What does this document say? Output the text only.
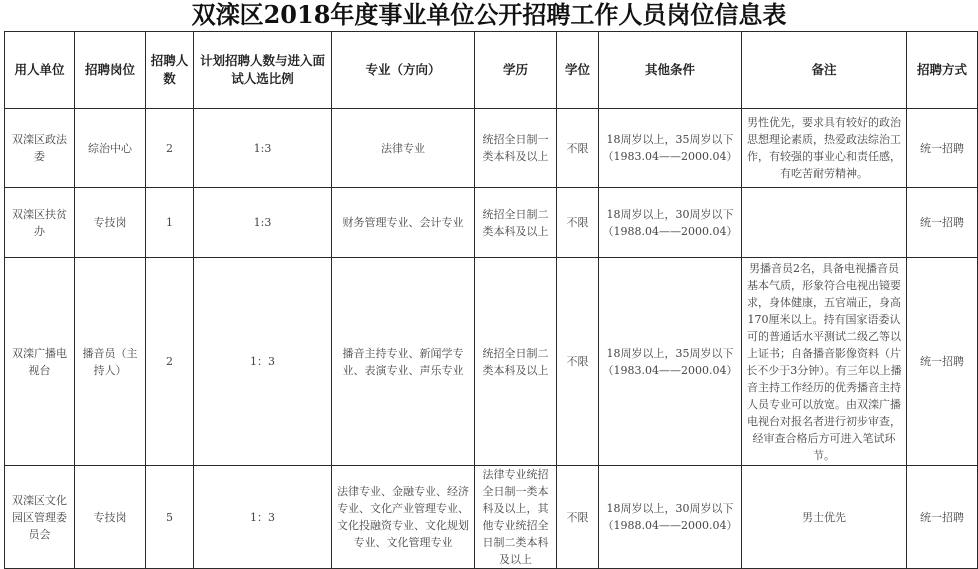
双滦区2018年度事业单位公开招聘工作人员岗位信息表
用人单位	招聘岗位	招聘人数	计划招聘人数与进入面试人选比例	专业（方向）	学历	学位	其他条件	备注	招聘方式
双滦区政法委	综治中心	2	1:3	法律专业	统招全日制一类本科及以上	不限	18周岁以上，35周岁以下（1983.04——2000.04）	男性优先，要求具有较好的政治思想理论素质，热爱政法综治工作，有较强的事业心和责任感，有吃苦耐劳精神。	统一招聘
双滦区扶贫办	专技岗	1	1:3	财务管理专业、会计专业	统招全日制二类本科及以上	不限	18周岁以上，30周岁以下（1988.04——2000.04）		统一招聘
双滦广播电视台	播音员（主持人）	2	1：3	播音主持专业、新闻学专业、表演专业、声乐专业	统招全日制二类本科及以上	不限	18周岁以上，35周岁以下（1983.04——2000.04）	男播音员2名，具备电视播音员基本气质，形象符合电视出镜要求，身体健康，五官端正，身高170厘米以上。持有国家语委认可的普通话水平测试二级乙等以上证书；自备播音影像资料（片长不少于3分钟）。有三年以上播音主持工作经历的优秀播音主持人员专业可以放宽。由双滦广播电视台对报名者进行初步审查，经审查合格后方可进入笔试环节。	统一招聘
双滦区文化园区管理委员会	专技岗	5	1：3	法律专业、金融专业、经济专业、文化产业管理专业、文化投融资专业、文化规划专业、文化管理专业	法律专业统招全日制一类本科及以上，其他专业统招全日制二类本科及以上	不限	18周岁以上，30周岁以下（1988.04——2000.04）	男士优先	统一招聘
